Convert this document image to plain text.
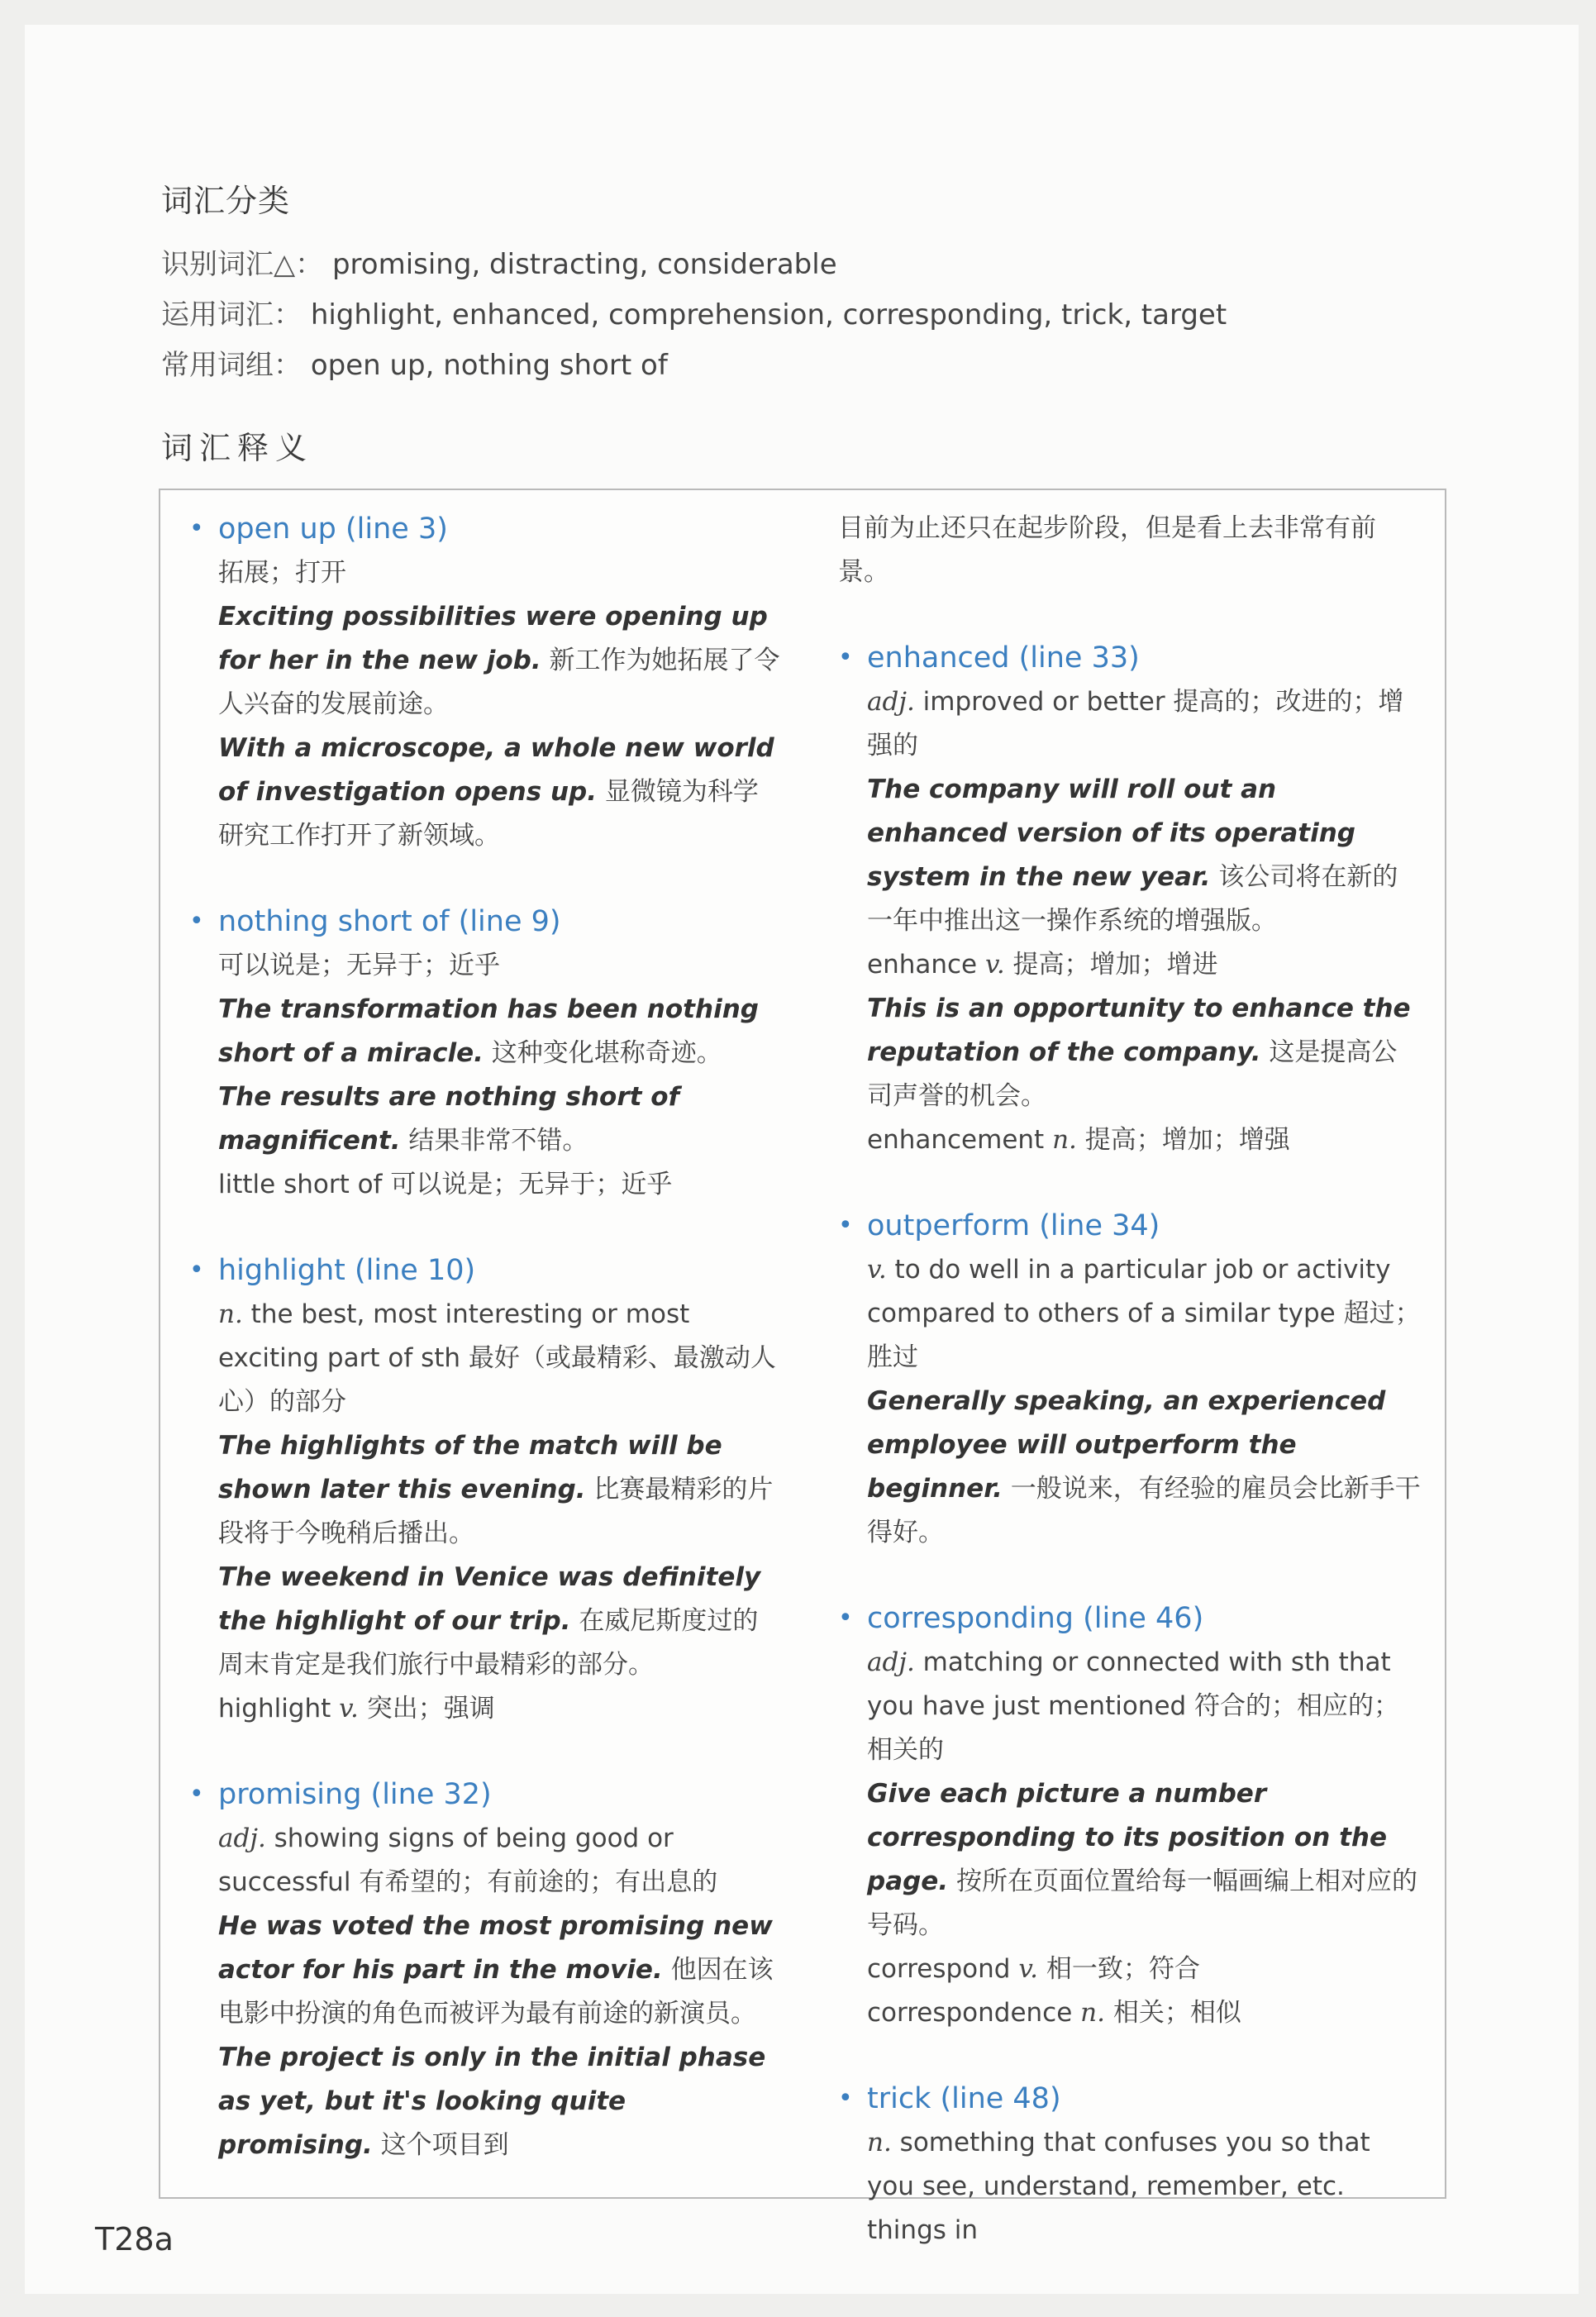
词汇分类
识别词汇△： promising, distracting, considerable
运用词汇： highlight, enhanced, comprehension, corresponding, trick, target
常用词组： open up, nothing short of
词汇释义
• open up (line 3)
拓展；打开
Exciting possibilities were opening up for her in the new job. 新工作为她拓展了令人兴奋的发展前途。
With a microscope, a whole new world of investigation opens up. 显微镜为科学研究工作打开了新领域。
• nothing short of (line 9)
可以说是；无异于；近乎
The transformation has been nothing short of a miracle. 这种变化堪称奇迹。
The results are nothing short of magnificent. 结果非常不错。
little short of 可以说是；无异于；近乎
• highlight (line 10)
n. the best, most interesting or most exciting part of sth 最好（或最精彩、最激动人心）的部分
The highlights of the match will be shown later this evening. 比赛最精彩的片段将于今晚稍后播出。
The weekend in Venice was definitely the highlight of our trip. 在威尼斯度过的周末肯定是我们旅行中最精彩的部分。
highlight v. 突出；强调
• promising (line 32)
adj. showing signs of being good or successful 有希望的；有前途的；有出息的
He was voted the most promising new actor for his part in the movie. 他因在该电影中扮演的角色而被评为最有前途的新演员。
The project is only in the initial phase as yet, but it's looking quite promising. 这个项目到
目前为止还只在起步阶段，但是看上去非常有前景。
• enhanced (line 33)
adj. improved or better 提高的；改进的；增强的
The company will roll out an enhanced version of its operating system in the new year. 该公司将在新的一年中推出这一操作系统的增强版。
enhance v. 提高；增加；增进
This is an opportunity to enhance the reputation of the company. 这是提高公司声誉的机会。
enhancement n. 提高；增加；增强
• outperform (line 34)
v. to do well in a particular job or activity compared to others of a similar type 超过；胜过
Generally speaking, an experienced employee will outperform the beginner. 一般说来，有经验的雇员会比新手干得好。
• corresponding (line 46)
adj. matching or connected with sth that you have just mentioned 符合的；相应的；相关的
Give each picture a number corresponding to its position on the page. 按所在页面位置给每一幅画编上相对应的号码。
correspond v. 相一致；符合
correspondence n. 相关；相似
• trick (line 48)
n. something that confuses you so that you see, understand, remember, etc. things in
T28a
